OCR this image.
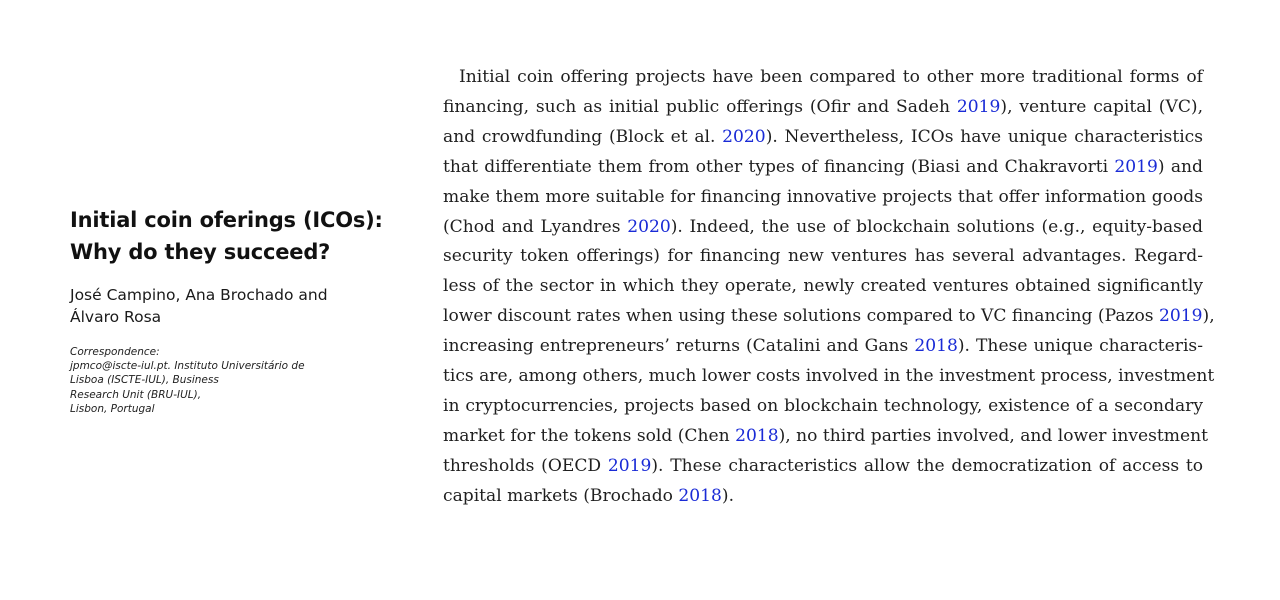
Initial coin oferings (ICOs):
Why do they succeed?
José Campino, Ana Brochado and
Álvaro Rosa
Correspondence:
jpmco@iscte-iul.pt. Instituto Universitário de
Lisboa (ISCTE-IUL), Business
Research Unit (BRU-IUL),
Lisbon, Portugal
Initial coin offering projects have been compared to other more traditional forms of
financing, such as initial public offerings (Ofir and Sadeh 2019), venture capital (VC),
and crowdfunding (Block et al. 2020). Nevertheless, ICOs have unique characteristics
that differentiate them from other types of financing (Biasi and Chakravorti 2019) and
make them more suitable for financing innovative projects that offer information goods
(Chod and Lyandres 2020). Indeed, the use of blockchain solutions (e.g., equity-based
security token offerings) for financing new ventures has several advantages. Regard-
less of the sector in which they operate, newly created ventures obtained significantly
lower discount rates when using these solutions compared to VC financing (Pazos 2019),
increasing entrepreneurs’ returns (Catalini and Gans 2018). These unique characteris-
tics are, among others, much lower costs involved in the investment process, investment
in cryptocurrencies, projects based on blockchain technology, existence of a secondary
market for the tokens sold (Chen 2018), no third parties involved, and lower investment
thresholds (OECD 2019). These characteristics allow the democratization of access to
capital markets (Brochado 2018).
